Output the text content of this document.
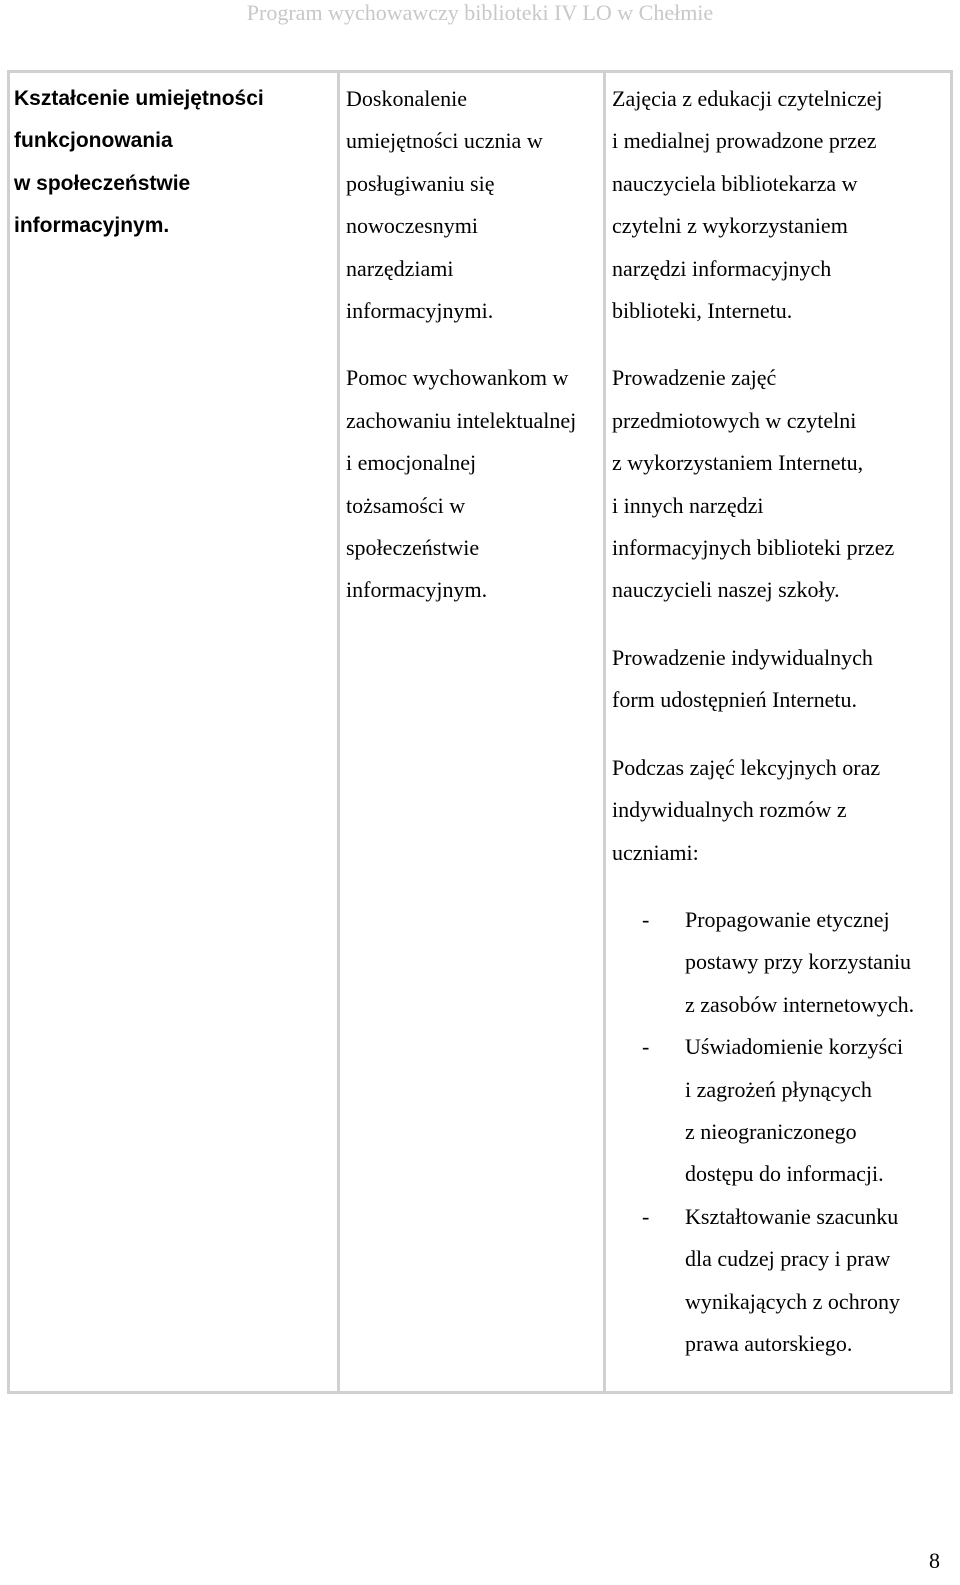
Program wychowawczy biblioteki IV LO w Chełmie

Kształcenie umiejętności
funkcjonowania
w społeczeństwie
informacyjnym.

Doskonalenie
umiejętności ucznia w
posługiwaniu się
nowoczesnymi
narzędziami
informacyjnymi.

Pomoc wychowankom w
zachowaniu intelektualnej
i emocjonalnej
tożsamości w
społeczeństwie
informacyjnym.

Zajęcia z edukacji czytelniczej
i medialnej prowadzone przez
nauczyciela bibliotekarza w
czytelni z wykorzystaniem
narzędzi informacyjnych
biblioteki, Internetu.

Prowadzenie zajęć
przedmiotowych w czytelni
z wykorzystaniem Internetu,
i innych narzędzi
informacyjnych biblioteki przez
nauczycieli naszej szkoły.

Prowadzenie indywidualnych
form udostępnień Internetu.

Podczas zajęć lekcyjnych oraz
indywidualnych rozmów z
uczniami:

- Propagowanie etycznej
postawy przy korzystaniu
z zasobów internetowych.

- Uświadomienie korzyści
i zagrożeń płynących
z nieograniczonego
dostępu do informacji.

- Kształtowanie szacunku
dla cudzej pracy i praw
wynikających z ochrony
prawa autorskiego.

8
